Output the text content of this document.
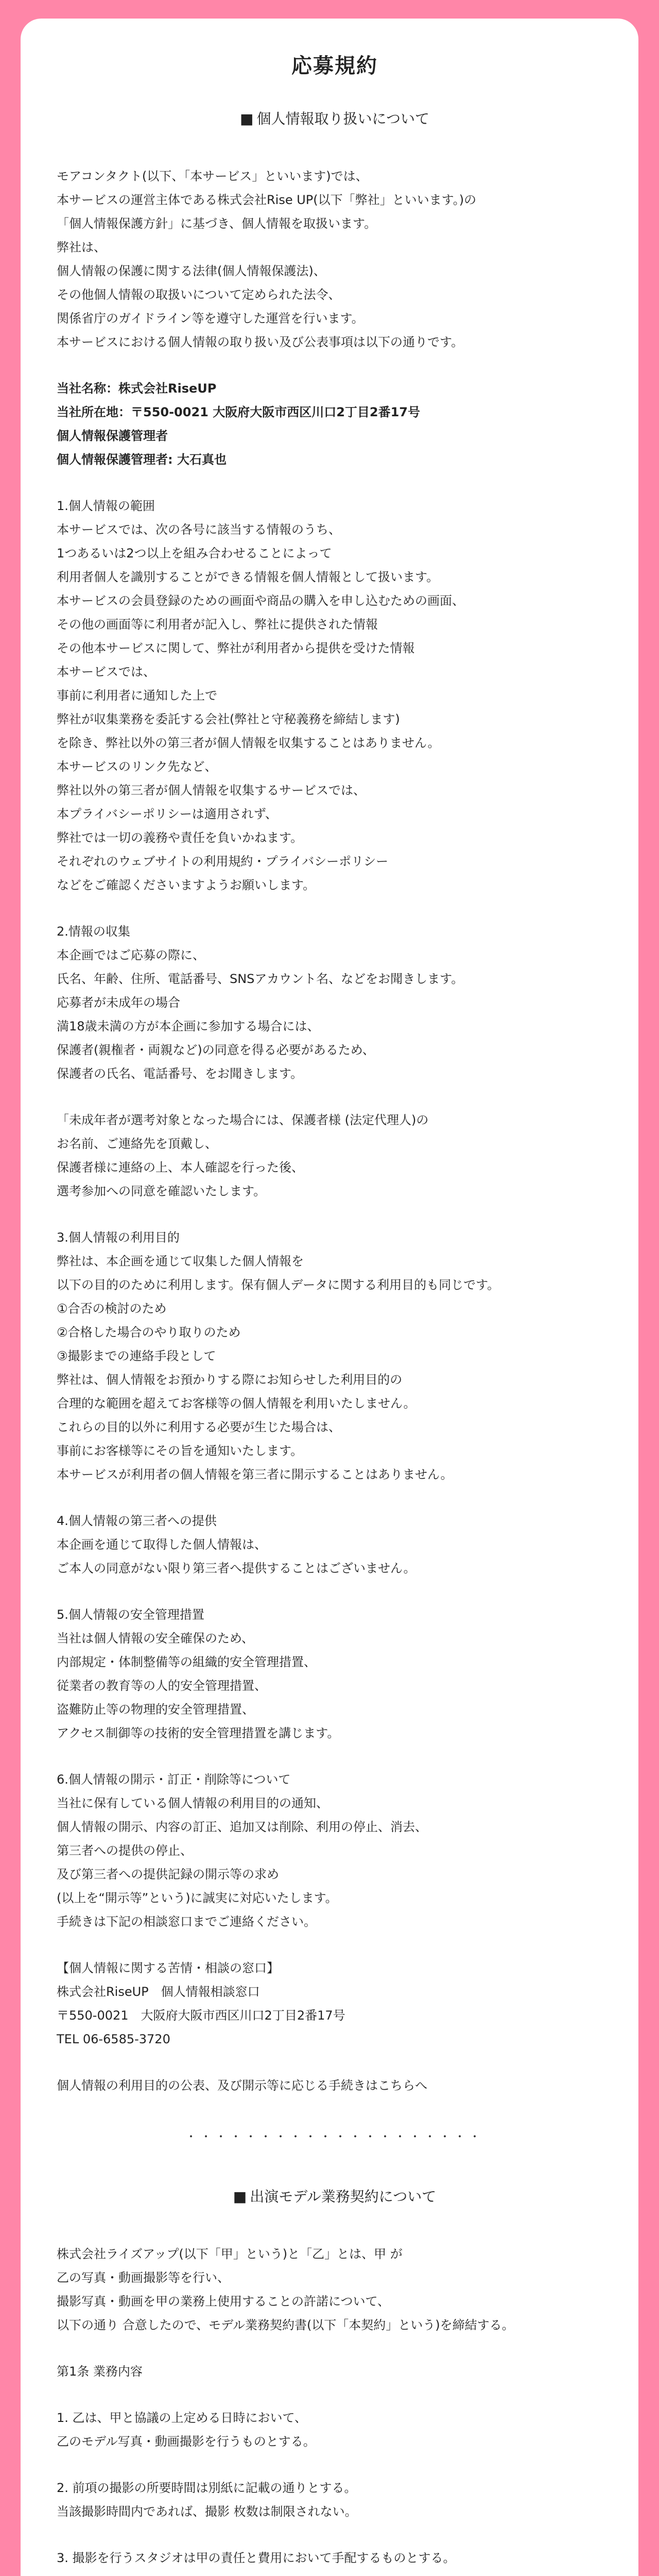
応募規約
■ 個人情報取り扱いについて

モアコンタクト(以下、「本サービス」といいます)では、
本サービスの運営主体である株式会社Rise UP(以下「弊社」といいます。)の
「個人情報保護方針」に基づき、個人情報を取扱います。
弊社は、
個人情報の保護に関する法律(個人情報保護法)、
その他個人情報の取扱いについて定められた法令、
関係省庁のガイドライン等を遵守した運営を行います。
本サービスにおける個人情報の取り扱い及び公表事項は以下の通りです。

当社名称：株式会社RiseUP
当社所在地：〒550-0021 大阪府大阪市西区川口2丁目2番17号
個人情報保護管理者
個人情報保護管理者: 大石真也

1.個人情報の範囲
本サービスでは、次の各号に該当する情報のうち、
1つあるいは2つ以上を組み合わせることによって
利用者個人を識別することができる情報を個人情報として扱います。
本サービスの会員登録のための画面や商品の購入を申し込むための画面、
その他の画面等に利用者が記入し、弊社に提供された情報
その他本サービスに関して、弊社が利用者から提供を受けた情報
本サービスでは、
事前に利用者に通知した上で
弊社が収集業務を委託する会社(弊社と守秘義務を締結します)
を除き、弊社以外の第三者が個人情報を収集することはありません。
本サービスのリンク先など、
弊社以外の第三者が個人情報を収集するサービスでは、
本プライバシーポリシーは適用されず、
弊社では一切の義務や責任を負いかねます。
それぞれのウェブサイトの利用規約・プライバシーポリシー
などをご確認くださいますようお願いします。

2.情報の収集
本企画ではご応募の際に、
氏名、年齢、住所、電話番号、SNSアカウント名、などをお聞きします。
応募者が未成年の場合
満18歳未満の方が本企画に参加する場合には、
保護者(親権者・両親など)の同意を得る必要があるため、
保護者の氏名、電話番号、をお聞きします。

「未成年者が選考対象となった場合には、保護者様 (法定代理人)の
お名前、ご連絡先を頂戴し、
保護者様に連絡の上、本人確認を行った後、
選考参加への同意を確認いたします。

3.個人情報の利用目的
弊社は、本企画を通じて収集した個人情報を
以下の目的のために利用します。保有個人データに関する利用目的も同じです。
①合否の検討のため
②合格した場合のやり取りのため
③撮影までの連絡手段として
弊社は、個人情報をお預かりする際にお知らせした利用目的の
合理的な範囲を超えてお客様等の個人情報を利用いたしません。
これらの目的以外に利用する必要が生じた場合は、
事前にお客様等にその旨を通知いたします。
本サービスが利用者の個人情報を第三者に開示することはありません。

4.個人情報の第三者への提供
本企画を通じて取得した個人情報は、
ご本人の同意がない限り第三者へ提供することはございません。

5.個人情報の安全管理措置
当社は個人情報の安全確保のため、
内部規定・体制整備等の組織的安全管理措置、
従業者の教育等の人的安全管理措置、
盗難防止等の物理的安全管理措置、
アクセス制御等の技術的安全管理措置を講じます。

6.個人情報の開示・訂正・削除等について
当社に保有している個人情報の利用目的の通知、
個人情報の開示、内容の訂正、追加又は削除、利用の停止、消去、
第三者への提供の停止、
及び第三者への提供記録の開示等の求め
(以上を“開示等”という)に誠実に対応いたします。
手続きは下記の相談窓口までご連絡ください。

【個人情報に関する苦情・相談の窓口】
株式会社RiseUP　個人情報相談窓口
〒550-0021　大阪府大阪市西区川口2丁目2番17号
TEL 06-6585-3720

個人情報の利用目的の公表、及び開示等に応じる手続きはこちらへ

・・・・・・・・・・・・・・・・・・・・
■ 出演モデル業務契約について

株式会社ライズアップ(以下「甲」という)と「乙」とは、甲 が
乙の写真・動画撮影等を行い、
撮影写真・動画を甲の業務上使用することの許諾について、
以下の通り 合意したので、モデル業務契約書(以下「本契約」という)を締結する。

第1条 業務内容

1. 乙は、甲と協議の上定める日時において、
乙のモデル写真・動画撮影を行うものとする。

2. 前項の撮影の所要時間は別紙に記載の通りとする。
当該撮影時間内であれば、撮影 枚数は制限されない。

3. 撮影を行うスタジオは甲の責任と費用において手配するものとする。
